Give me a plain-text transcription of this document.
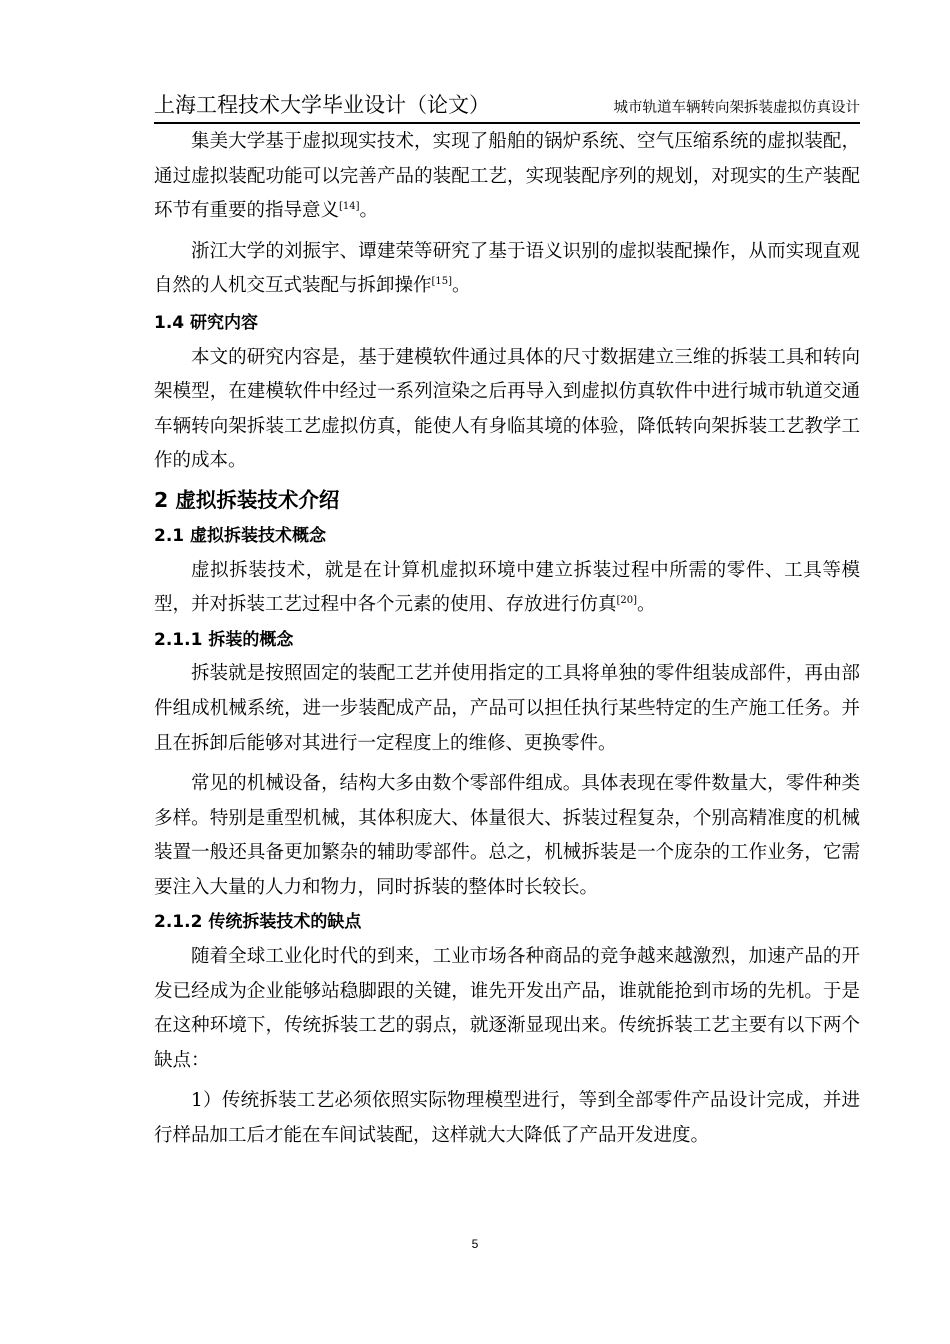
上海工程技术大学毕业设计（论文）	城市轨道车辆转向架拆装虚拟仿真设计

集美大学基于虚拟现实技术，实现了船舶的锅炉系统、空气压缩系统的虚拟装配，通过虚拟装配功能可以完善产品的装配工艺，实现装配序列的规划，对现实的生产装配环节有重要的指导意义[14]。

浙江大学的刘振宇、谭建荣等研究了基于语义识别的虚拟装配操作，从而实现直观自然的人机交互式装配与拆卸操作[15]。

1.4 研究内容

本文的研究内容是，基于建模软件通过具体的尺寸数据建立三维的拆装工具和转向架模型，在建模软件中经过一系列渲染之后再导入到虚拟仿真软件中进行城市轨道交通车辆转向架拆装工艺虚拟仿真，能使人有身临其境的体验，降低转向架拆装工艺教学工作的成本。

2 虚拟拆装技术介绍
2.1 虚拟拆装技术概念

虚拟拆装技术，就是在计算机虚拟环境中建立拆装过程中所需的零件、工具等模型，并对拆装工艺过程中各个元素的使用、存放进行仿真[20]。

2.1.1 拆装的概念

拆装就是按照固定的装配工艺并使用指定的工具将单独的零件组装成部件，再由部件组成机械系统，进一步装配成产品，产品可以担任执行某些特定的生产施工任务。并且在拆卸后能够对其进行一定程度上的维修、更换零件。

常见的机械设备，结构大多由数个零部件组成。具体表现在零件数量大，零件种类多样。特别是重型机械，其体积庞大、体量很大、拆装过程复杂，个别高精准度的机械装置一般还具备更加繁杂的辅助零部件。总之，机械拆装是一个庞杂的工作业务，它需要注入大量的人力和物力，同时拆装的整体时长较长。

2.1.2 传统拆装技术的缺点

随着全球工业化时代的到来，工业市场各种商品的竞争越来越激烈，加速产品的开发已经成为企业能够站稳脚跟的关键，谁先开发出产品，谁就能抢到市场的先机。于是在这种环境下，传统拆装工艺的弱点，就逐渐显现出来。传统拆装工艺主要有以下两个缺点：

1）传统拆装工艺必须依照实际物理模型进行，等到全部零件产品设计完成，并进行样品加工后才能在车间试装配，这样就大大降低了产品开发进度。

5
